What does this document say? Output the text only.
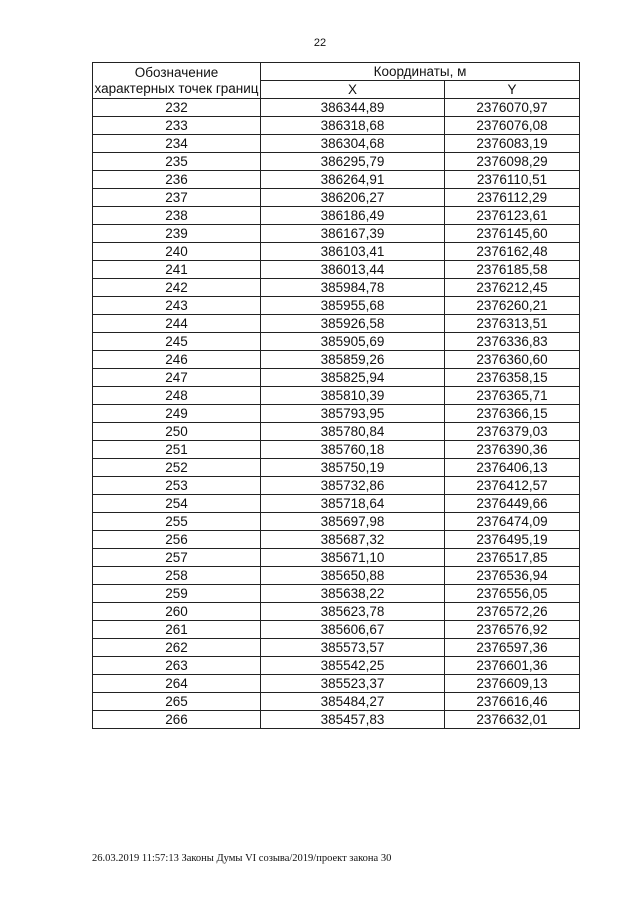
22
Обозначение характерных точек границ	Координаты, м	
	X	Y
232	386344,89	2376070,97
233	386318,68	2376076,08
234	386304,68	2376083,19
235	386295,79	2376098,29
236	386264,91	2376110,51
237	386206,27	2376112,29
238	386186,49	2376123,61
239	386167,39	2376145,60
240	386103,41	2376162,48
241	386013,44	2376185,58
242	385984,78	2376212,45
243	385955,68	2376260,21
244	385926,58	2376313,51
245	385905,69	2376336,83
246	385859,26	2376360,60
247	385825,94	2376358,15
248	385810,39	2376365,71
249	385793,95	2376366,15
250	385780,84	2376379,03
251	385760,18	2376390,36
252	385750,19	2376406,13
253	385732,86	2376412,57
254	385718,64	2376449,66
255	385697,98	2376474,09
256	385687,32	2376495,19
257	385671,10	2376517,85
258	385650,88	2376536,94
259	385638,22	2376556,05
260	385623,78	2376572,26
261	385606,67	2376576,92
262	385573,57	2376597,36
263	385542,25	2376601,36
264	385523,37	2376609,13
265	385484,27	2376616,46
266	385457,83	2376632,01
26.03.2019 11:57:13 Законы Думы VI созыва/2019/проект закона 30
